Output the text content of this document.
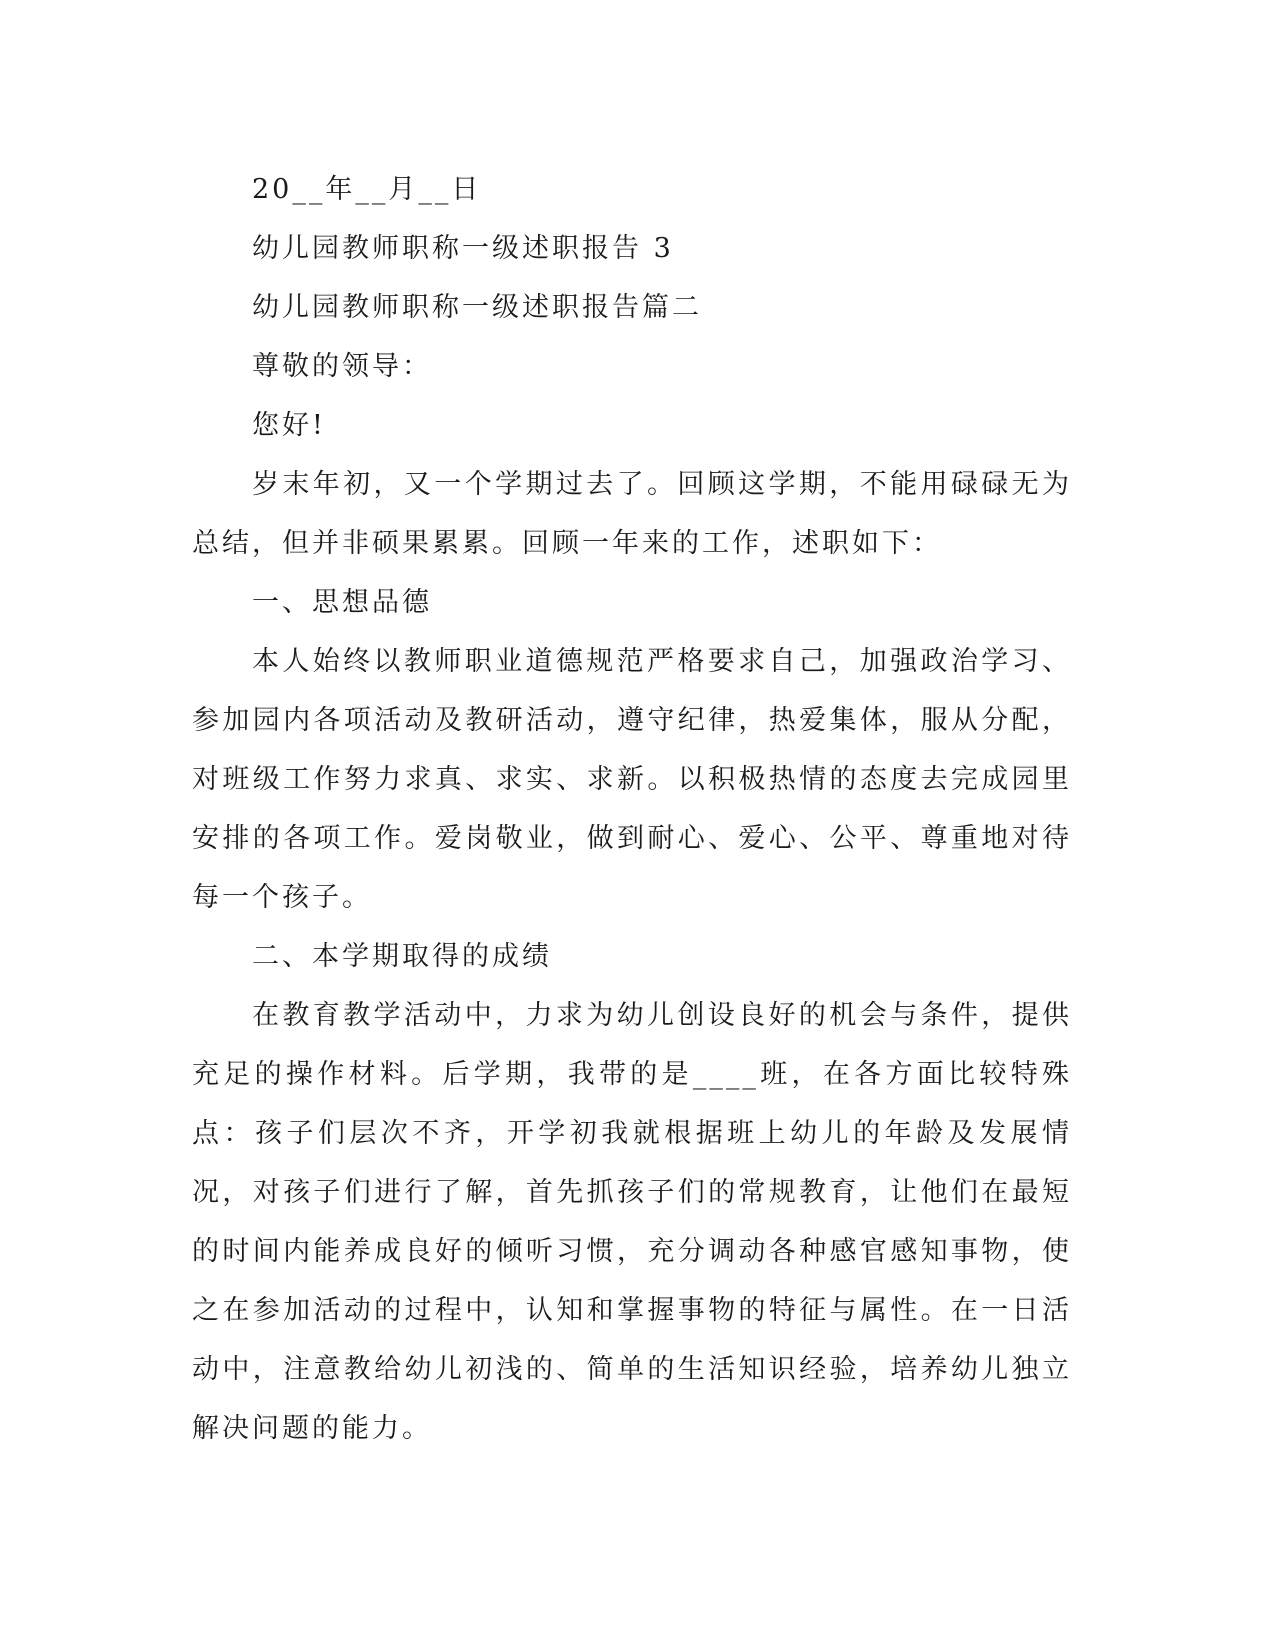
20__年__月__日
幼儿园教师职称一级述职报告 3
幼儿园教师职称一级述职报告篇二
尊敬的领导：
您好!
岁末年初，又一个学期过去了。回顾这学期，不能用碌碌无为总结，但并非硕果累累。回顾一年来的工作，述职如下：
一、思想品德
本人始终以教师职业道德规范严格要求自己，加强政治学习、参加园内各项活动及教研活动，遵守纪律，热爱集体，服从分配，对班级工作努力求真、求实、求新。以积极热情的态度去完成园里安排的各项工作。爱岗敬业，做到耐心、爱心、公平、尊重地对待每一个孩子。
二、本学期取得的成绩
在教育教学活动中，力求为幼儿创设良好的机会与条件，提供充足的操作材料。后学期，我带的是____班，在各方面比较特殊点：孩子们层次不齐，开学初我就根据班上幼儿的年龄及发展情况，对孩子们进行了解，首先抓孩子们的常规教育，让他们在最短的时间内能养成良好的倾听习惯，充分调动各种感官感知事物，使之在参加活动的过程中，认知和掌握事物的特征与属性。在一日活动中，注意教给幼儿初浅的、简单的生活知识经验，培养幼儿独立解决问题的能力。
